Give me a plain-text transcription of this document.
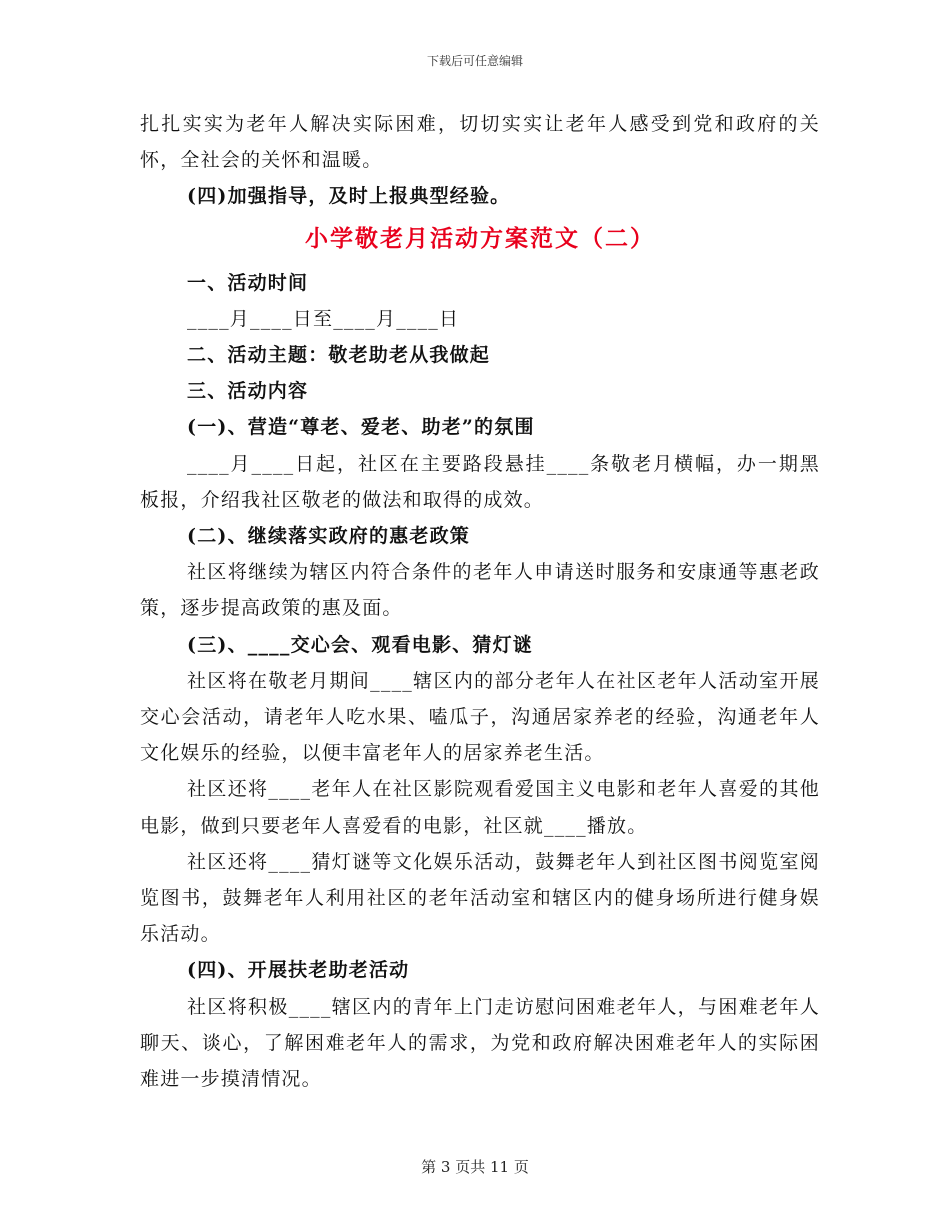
下载后可任意编辑

扎扎实实为老年人解决实际困难，切切实实让老年人感受到党和政府的关怀，全社会的关怀和温暖。

(四)加强指导，及时上报典型经验。

小学敬老月活动方案范文（二）

一、活动时间

____月____日至____月____日

二、活动主题：敬老助老从我做起

三、活动内容

(一)、营造“尊老、爱老、助老”的氛围

____月____日起，社区在主要路段悬挂____条敬老月横幅，办一期黑板报，介绍我社区敬老的做法和取得的成效。

(二)、继续落实政府的惠老政策

社区将继续为辖区内符合条件的老年人申请送时服务和安康通等惠老政策，逐步提高政策的惠及面。

(三)、____交心会、观看电影、猜灯谜

社区将在敬老月期间____辖区内的部分老年人在社区老年人活动室开展交心会活动，请老年人吃水果、嗑瓜子，沟通居家养老的经验，沟通老年人文化娱乐的经验，以便丰富老年人的居家养老生活。

社区还将____老年人在社区影院观看爱国主义电影和老年人喜爱的其他电影，做到只要老年人喜爱看的电影，社区就____播放。

社区还将____猜灯谜等文化娱乐活动，鼓舞老年人到社区图书阅览室阅览图书，鼓舞老年人利用社区的老年活动室和辖区内的健身场所进行健身娱乐活动。

(四)、开展扶老助老活动

社区将积极____辖区内的青年上门走访慰问困难老年人，与困难老年人聊天、谈心，了解困难老年人的需求，为党和政府解决困难老年人的实际困难进一步摸清情况。

第 3 页共 11 页
